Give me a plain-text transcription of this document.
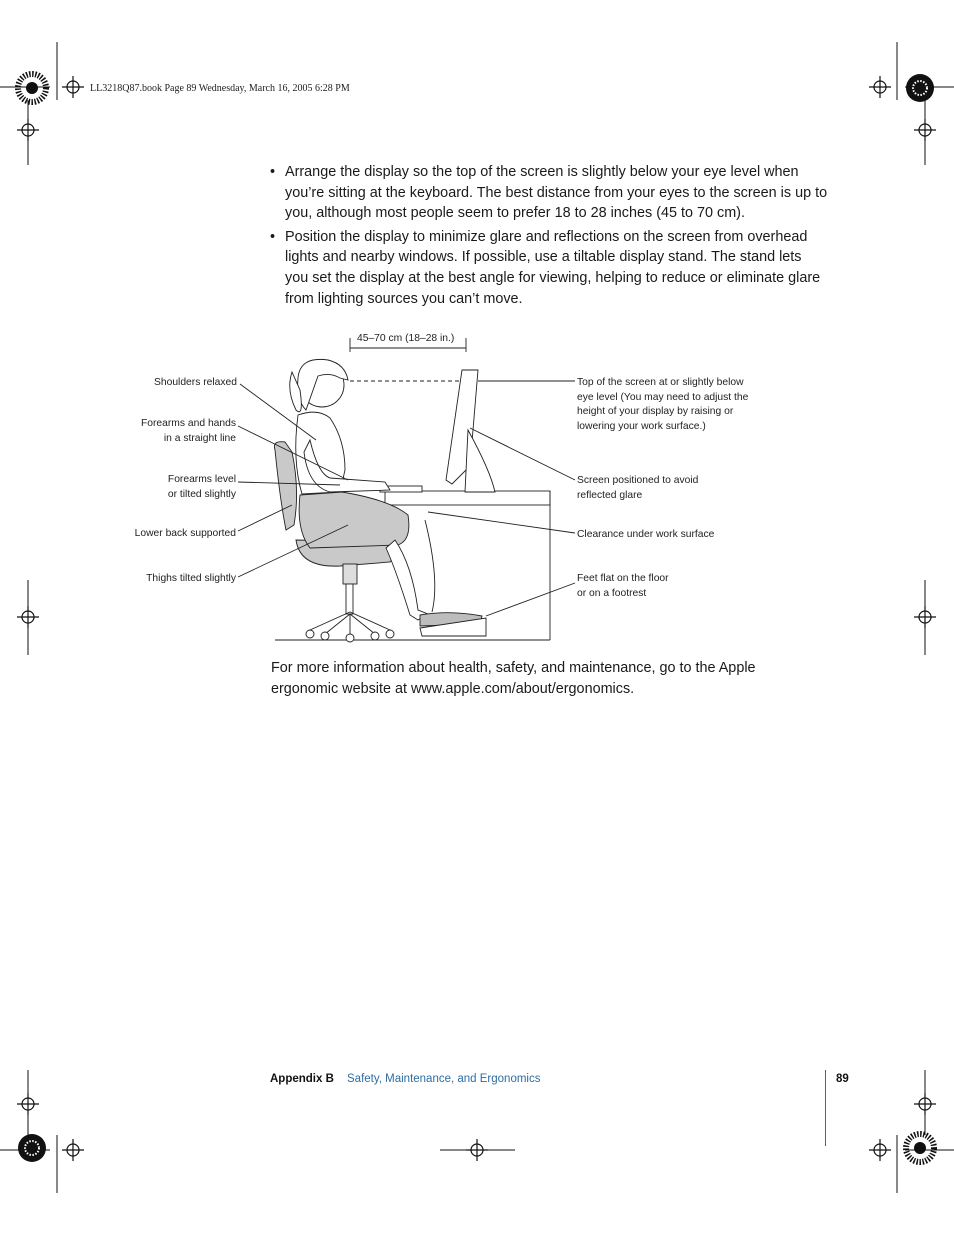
LL3218Q87.book Page 89 Wednesday, March 16, 2005 6:28 PM
• Arrange the display so the top of the screen is slightly below your eye level when you’re sitting at the keyboard. The best distance from your eyes to the screen is up to you, although most people seem to prefer 18 to 28 inches (45 to 70 cm).
• Position the display to minimize glare and reflections on the screen from overhead lights and nearby windows. If possible, use a tiltable display stand. The stand lets you set the display at the best angle for viewing, helping to reduce or eliminate glare from lighting sources you can’t move.
45–70 cm (18–28 in.)
Shoulders relaxed
Forearms and hands
in a straight line
Forearms level
or tilted slightly
Lower back supported
Thighs tilted slightly
Top of the screen at or slightly below
eye level (You may need to adjust the
height of your display by raising or
lowering your work surface.)
Screen positioned to avoid
reflected glare
Clearance under work surface
Feet flat on the floor
or on a footrest

For more information about health, safety, and maintenance, go to the Apple ergonomic website at www.apple.com/about/ergonomics.

Appendix B Safety, Maintenance, and Ergonomics	89
